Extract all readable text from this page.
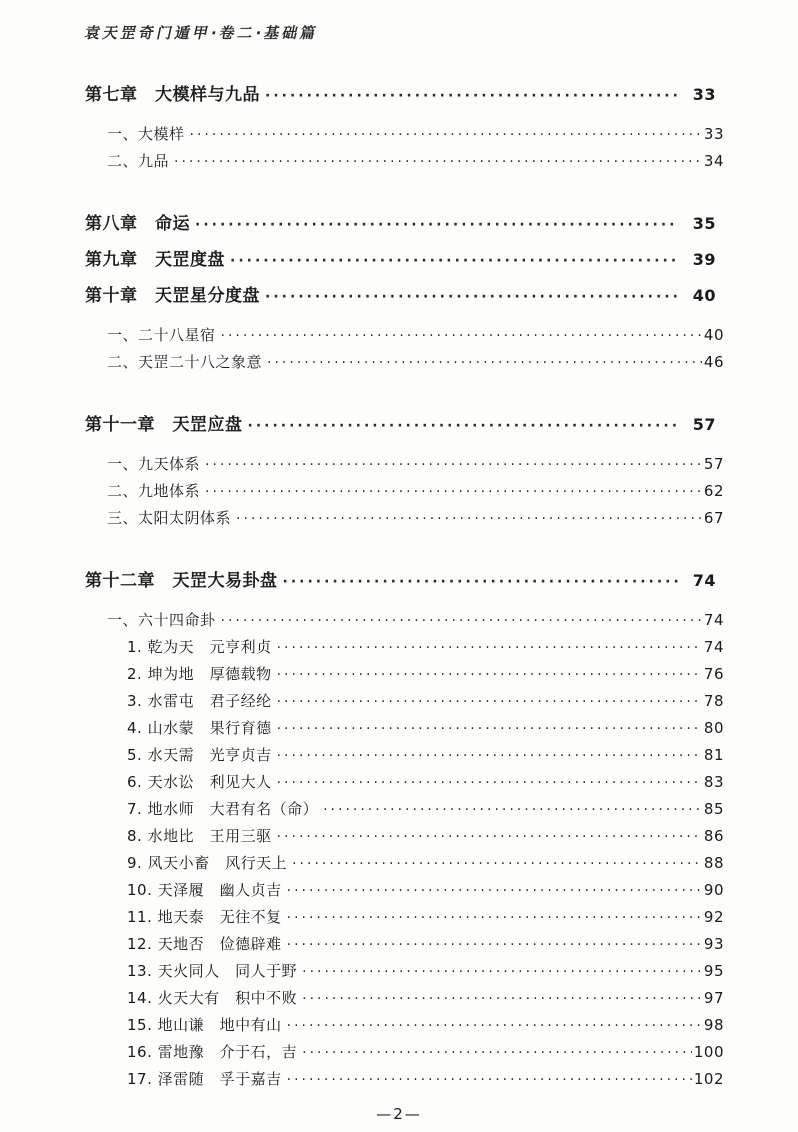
袁天罡奇门遁甲·卷二·基础篇
第七章　大模样与九品 ·····	33
一、大模样 ·····	33
二、九品 ·····	34
第八章　命运 ·····	35
第九章　天罡度盘 ·····	39
第十章　天罡星分度盘 ·····	40
一、二十八星宿 ·····	40
二、天罡二十八之象意 ·····	46
第十一章　天罡应盘 ·····	57
一、九天体系 ·····	57
二、九地体系 ·····	62
三、太阳太阴体系 ·····	67
第十二章　天罡大易卦盘 ·····	74
一、六十四命卦 ·····	74
1. 乾为天　元亨利贞 ·····	74
2. 坤为地　厚德载物 ·····	76
3. 水雷屯　君子经纶 ·····	78
4. 山水蒙　果行育德 ·····	80
5. 水天需　光亨贞吉 ·····	81
6. 天水讼　利见大人 ·····	83
7. 地水师　大君有名（命） ·····	85
8. 水地比　王用三驱 ·····	86
9. 风天小畜　风行天上 ·····	88
10. 天泽履　幽人贞吉 ·····	90
11. 地天泰　无往不复 ·····	92
12. 天地否　俭德辟难 ·····	93
13. 天火同人　同人于野 ·····	95
14. 火天大有　积中不败 ·····	97
15. 地山谦　地中有山 ·····	98
16. 雷地豫　介于石，吉 ·····	100
17. 泽雷随　孚于嘉吉 ·····	102
—2—
